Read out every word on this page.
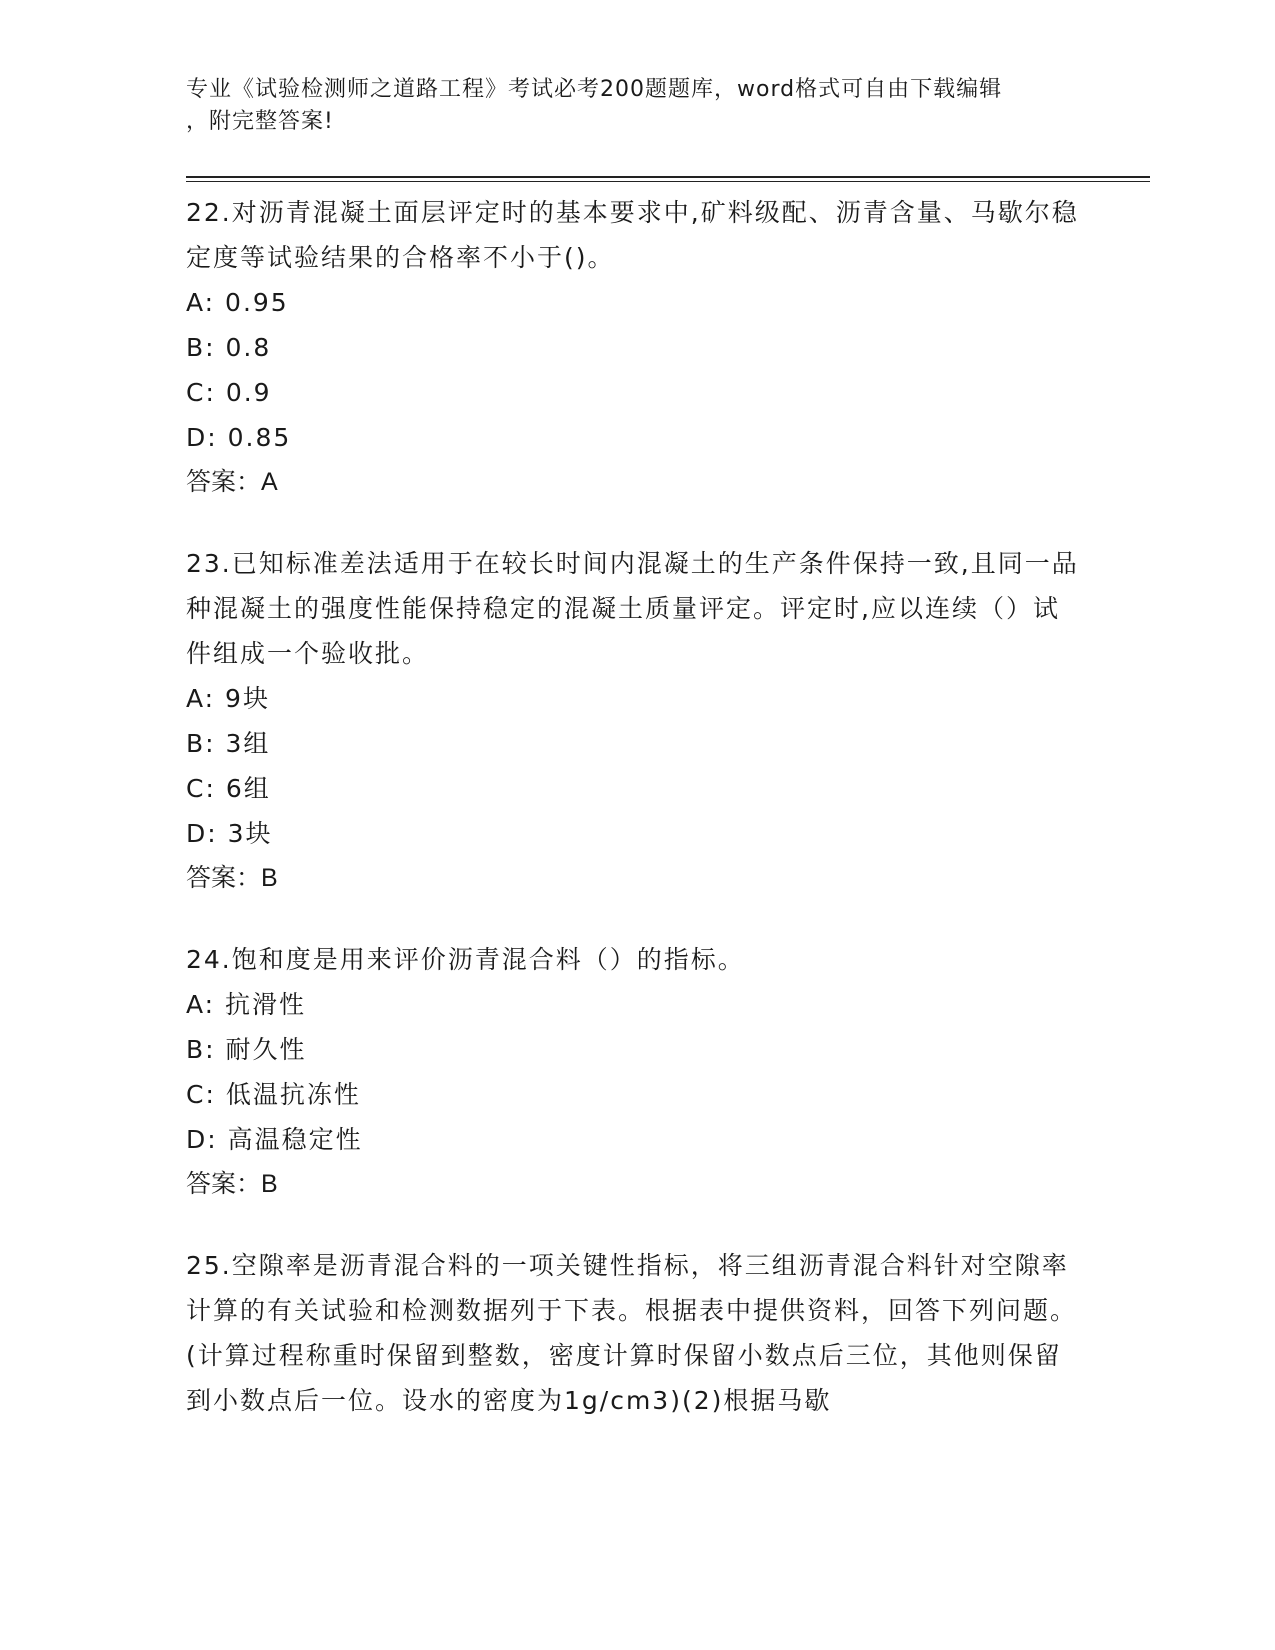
专业《试验检测师之道路工程》考试必考200题题库，word格式可自由下载编辑
，附完整答案!

22.对沥青混凝土面层评定时的基本要求中,矿料级配、沥青含量、马歇尔稳定度等试验结果的合格率不小于()。

A: 0.95

B: 0.8

C: 0.9

D: 0.85

答案：A

23.已知标准差法适用于在较长时间内混凝土的生产条件保持一致,且同一品种混凝土的强度性能保持稳定的混凝土质量评定。评定时,应以连续（）试件组成一个验收批。

A: 9块

B: 3组

C: 6组

D: 3块

答案：B

24.饱和度是用来评价沥青混合料（）的指标。

A: 抗滑性

B: 耐久性

C: 低温抗冻性

D: 高温稳定性

答案：B

25.空隙率是沥青混合料的一项关键性指标，将三组沥青混合料针对空隙率计算的有关试验和检测数据列于下表。根据表中提供资料，回答下列问题。(计算过程称重时保留到整数，密度计算时保留小数点后三位，其他则保留到小数点后一位。设水的密度为1g/cm3)(2)根据马歇
